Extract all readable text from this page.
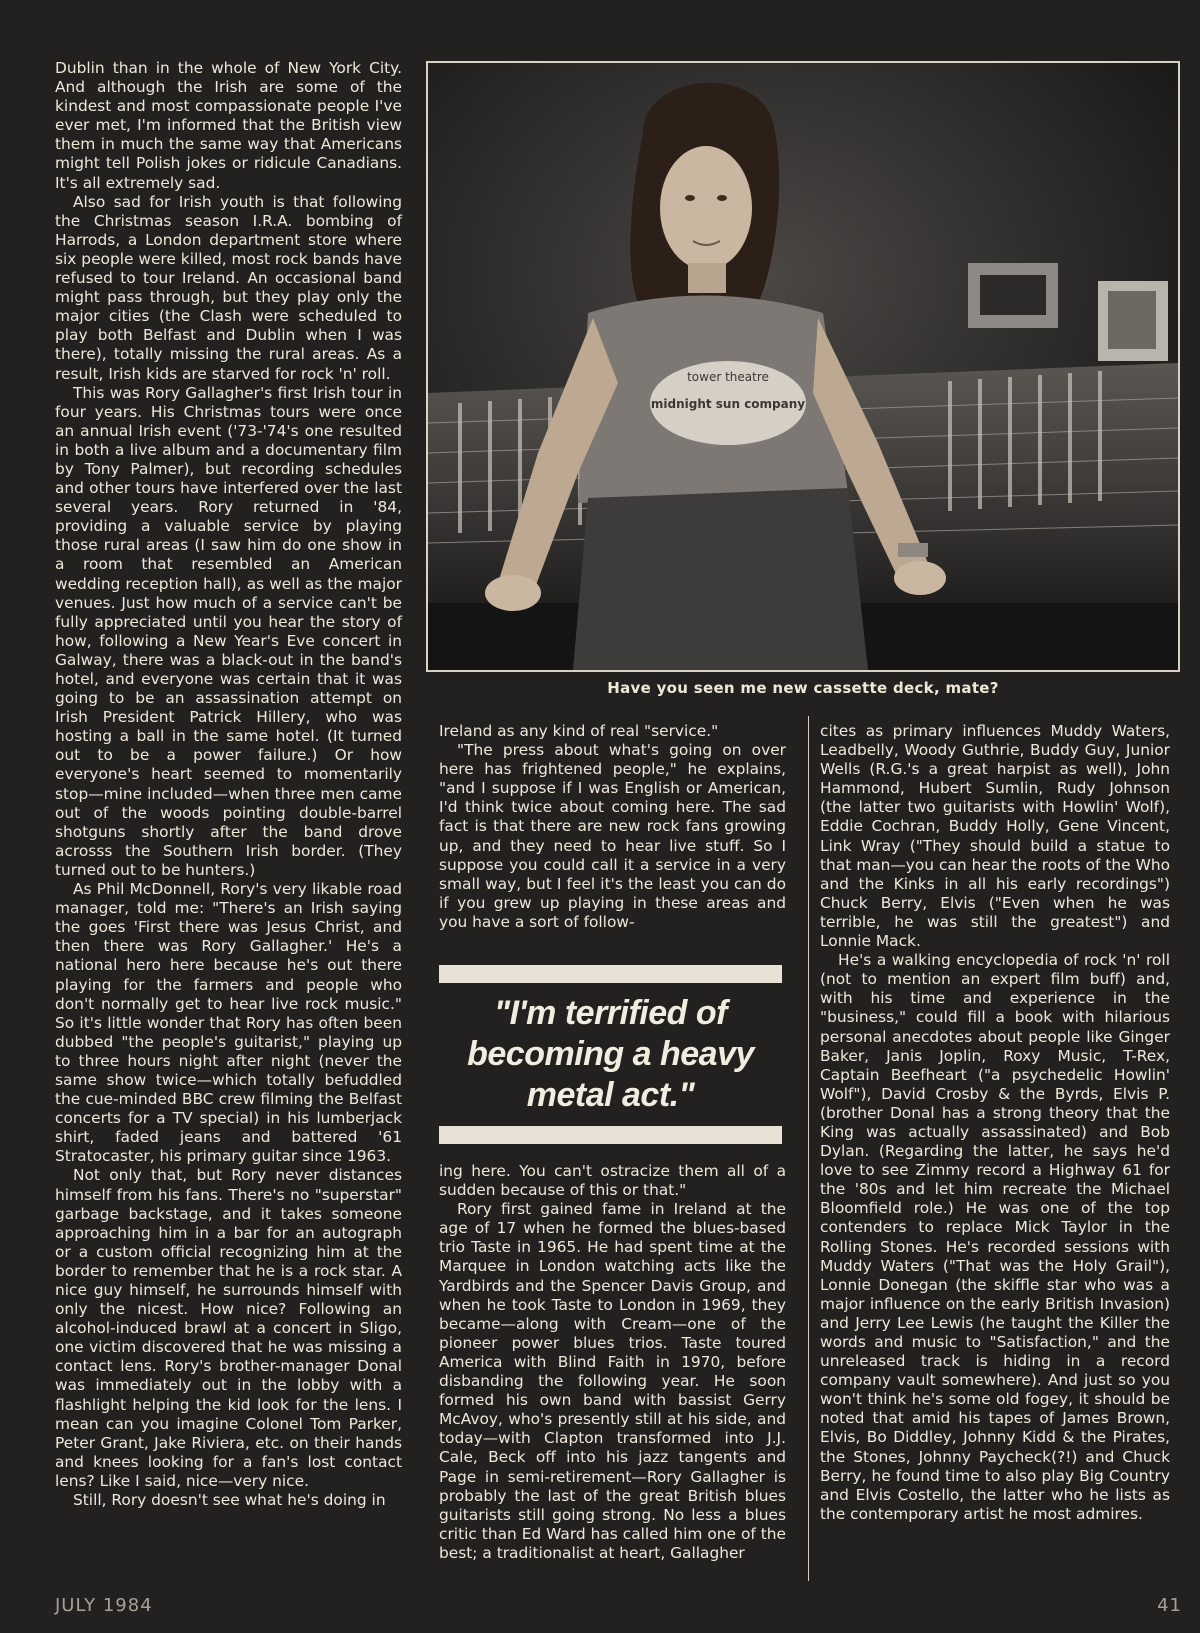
Dublin than in the whole of New York City. And although the Irish are some of the kindest and most compassionate people I've ever met, I'm informed that the British view them in much the same way that Americans might tell Polish jokes or ridicule Canadians. It's all extremely sad.

Also sad for Irish youth is that following the Christmas season I.R.A. bombing of Harrods, a London department store where six people were killed, most rock bands have refused to tour Ireland. An occasional band might pass through, but they play only the major cities (the Clash were scheduled to play both Belfast and Dublin when I was there), totally missing the rural areas. As a result, Irish kids are starved for rock 'n' roll.

This was Rory Gallagher's first Irish tour in four years. His Christmas tours were once an annual Irish event ('73-'74's one resulted in both a live album and a documentary film by Tony Palmer), but recording schedules and other tours have interfered over the last several years. Rory returned in '84, providing a valuable service by playing those rural areas (I saw him do one show in a room that resembled an American wedding reception hall), as well as the major venues. Just how much of a service can't be fully appreciated until you hear the story of how, following a New Year's Eve concert in Galway, there was a black-out in the band's hotel, and everyone was certain that it was going to be an assassination attempt on Irish President Patrick Hillery, who was hosting a ball in the same hotel. (It turned out to be a power failure.) Or how everyone's heart seemed to momentarily stop—mine included—when three men came out of the woods pointing double-barrel shotguns shortly after the band drove acrosss the Southern Irish border. (They turned out to be hunters.)

As Phil McDonnell, Rory's very likable road manager, told me: "There's an Irish saying the goes 'First there was Jesus Christ, and then there was Rory Gallagher.' He's a national hero here because he's out there playing for the farmers and people who don't normally get to hear live rock music." So it's little wonder that Rory has often been dubbed "the people's guitarist," playing up to three hours night after night (never the same show twice—which totally befuddled the cue-minded BBC crew filming the Belfast concerts for a TV special) in his lumberjack shirt, faded jeans and battered '61 Stratocaster, his primary guitar since 1963.

Not only that, but Rory never distances himself from his fans. There's no "superstar" garbage backstage, and it takes someone approaching him in a bar for an autograph or a custom official recognizing him at the border to remember that he is a rock star. A nice guy himself, he surrounds himself with only the nicest. How nice? Following an alcohol-induced brawl at a concert in Sligo, one victim discovered that he was missing a contact lens. Rory's brother-manager Donal was immediately out in the lobby with a flashlight helping the kid look for the lens. I mean can you imagine Colonel Tom Parker, Peter Grant, Jake Riviera, etc. on their hands and knees looking for a fan's lost contact lens? Like I said, nice—very nice.

Still, Rory doesn't see what he's doing in

tower theatre
midnight sun company
Have you seen me new cassette deck, mate?

Ireland as any kind of real "service."

"The press about what's going on over here has frightened people," he explains, "and I suppose if I was English or American, I'd think twice about coming here. The sad fact is that there are new rock fans growing up, and they need to hear live stuff. So I suppose you could call it a service in a very small way, but I feel it's the least you can do if you grew up playing in these areas and you have a sort of follow-

"I'm terrified of becoming a heavy metal act."

ing here. You can't ostracize them all of a sudden because of this or that."

Rory first gained fame in Ireland at the age of 17 when he formed the blues-based trio Taste in 1965. He had spent time at the Marquee in London watching acts like the Yardbirds and the Spencer Davis Group, and when he took Taste to London in 1969, they became—along with Cream—one of the pioneer power blues trios. Taste toured America with Blind Faith in 1970, before disbanding the following year. He soon formed his own band with bassist Gerry McAvoy, who's presently still at his side, and today—with Clapton transformed into J.J. Cale, Beck off into his jazz tangents and Page in semi-retirement—Rory Gallagher is probably the last of the great British blues guitarists still going strong. No less a blues critic than Ed Ward has called him one of the best; a traditionalist at heart, Gallagher

cites as primary influences Muddy Waters, Leadbelly, Woody Guthrie, Buddy Guy, Junior Wells (R.G.'s a great harpist as well), John Hammond, Hubert Sumlin, Rudy Johnson (the latter two guitarists with Howlin' Wolf), Eddie Cochran, Buddy Holly, Gene Vincent, Link Wray ("They should build a statue to that man—you can hear the roots of the Who and the Kinks in all his early recordings") Chuck Berry, Elvis ("Even when he was terrible, he was still the greatest") and Lonnie Mack.

He's a walking encyclopedia of rock 'n' roll (not to mention an expert film buff) and, with his time and experience in the "business," could fill a book with hilarious personal anecdotes about people like Ginger Baker, Janis Joplin, Roxy Music, T-Rex, Captain Beefheart ("a psychedelic Howlin' Wolf"), David Crosby & the Byrds, Elvis P. (brother Donal has a strong theory that the King was actually assassinated) and Bob Dylan. (Regarding the latter, he says he'd love to see Zimmy record a Highway 61 for the '80s and let him recreate the Michael Bloomfield role.) He was one of the top contenders to replace Mick Taylor in the Rolling Stones. He's recorded sessions with Muddy Waters ("That was the Holy Grail"), Lonnie Donegan (the skiffle star who was a major influence on the early British Invasion) and Jerry Lee Lewis (he taught the Killer the words and music to "Satisfaction," and the unreleased track is hiding in a record company vault somewhere). And just so you won't think he's some old fogey, it should be noted that amid his tapes of James Brown, Elvis, Bo Diddley, Johnny Kidd & the Pirates, the Stones, Johnny Paycheck(?!) and Chuck Berry, he found time to also play Big Country and Elvis Costello, the latter who he lists as the contemporary artist he most admires.

JULY 1984	41
